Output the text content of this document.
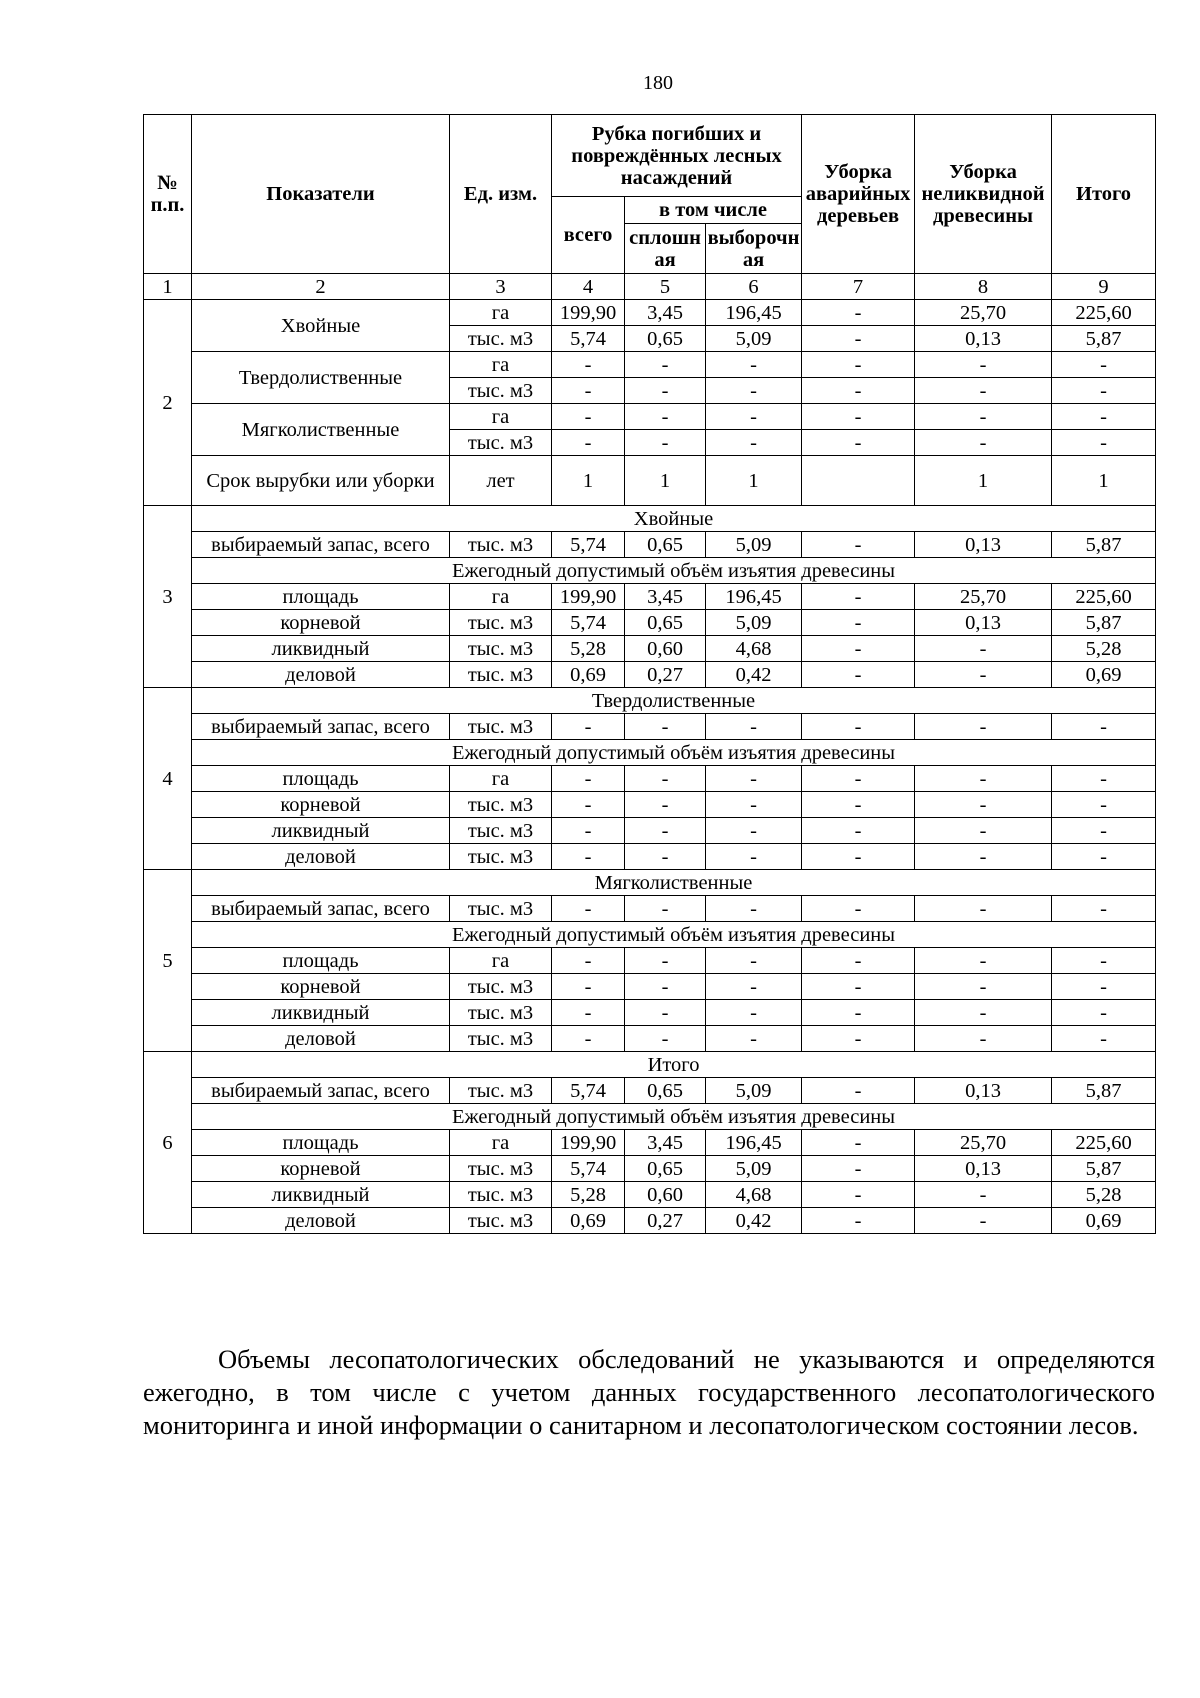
180
№ п.п.	Показатели	Ед. изм.	Рубка погибших и повреждённых лесных насаждений			Уборка аварийных деревьев	Уборка неликвидной древесины	Итого
			всего	в том числе				
				сплошная	выборочная			
1	2	3	4	5	6	7	8	9
2	Хвойные	га	199,90	3,45	196,45	-	25,70	225,60
		тыс. м3	5,74	0,65	5,09	-	0,13	5,87
	Твердолиственные	га	-	-	-	-	-	-
		тыс. м3	-	-	-	-	-	-
	Мягколиственные	га	-	-	-	-	-	-
		тыс. м3	-	-	-	-	-	-
	Срок вырубки или уборки	лет	1	1	1		1	1
3	Хвойные							
	выбираемый запас, всего	тыс. м3	5,74	0,65	5,09	-	0,13	5,87
	Ежегодный допустимый объём изъятия древесины							
	площадь	га	199,90	3,45	196,45	-	25,70	225,60
	корневой	тыс. м3	5,74	0,65	5,09	-	0,13	5,87
	ликвидный	тыс. м3	5,28	0,60	4,68	-	-	5,28
	деловой	тыс. м3	0,69	0,27	0,42	-	-	0,69
4	Твердолиственные							
	выбираемый запас, всего	тыс. м3	-	-	-	-	-	-
	Ежегодный допустимый объём изъятия древесины							
	площадь	га	-	-	-	-	-	-
	корневой	тыс. м3	-	-	-	-	-	-
	ликвидный	тыс. м3	-	-	-	-	-	-
	деловой	тыс. м3	-	-	-	-	-	-
5	Мягколиственные							
	выбираемый запас, всего	тыс. м3	-	-	-	-	-	-
	Ежегодный допустимый объём изъятия древесины							
	площадь	га	-	-	-	-	-	-
	корневой	тыс. м3	-	-	-	-	-	-
	ликвидный	тыс. м3	-	-	-	-	-	-
	деловой	тыс. м3	-	-	-	-	-	-
6	Итого							
	выбираемый запас, всего	тыс. м3	5,74	0,65	5,09	-	0,13	5,87
	Ежегодный допустимый объём изъятия древесины							
	площадь	га	199,90	3,45	196,45	-	25,70	225,60
	корневой	тыс. м3	5,74	0,65	5,09	-	0,13	5,87
	ликвидный	тыс. м3	5,28	0,60	4,68	-	-	5,28
	деловой	тыс. м3	0,69	0,27	0,42	-	-	0,69

Объемы лесопатологических обследований не указываются и определяются ежегодно, в том числе с учетом данных государственного лесопатологического мониторинга и иной информации о санитарном и лесопатологическом состоянии лесов.
